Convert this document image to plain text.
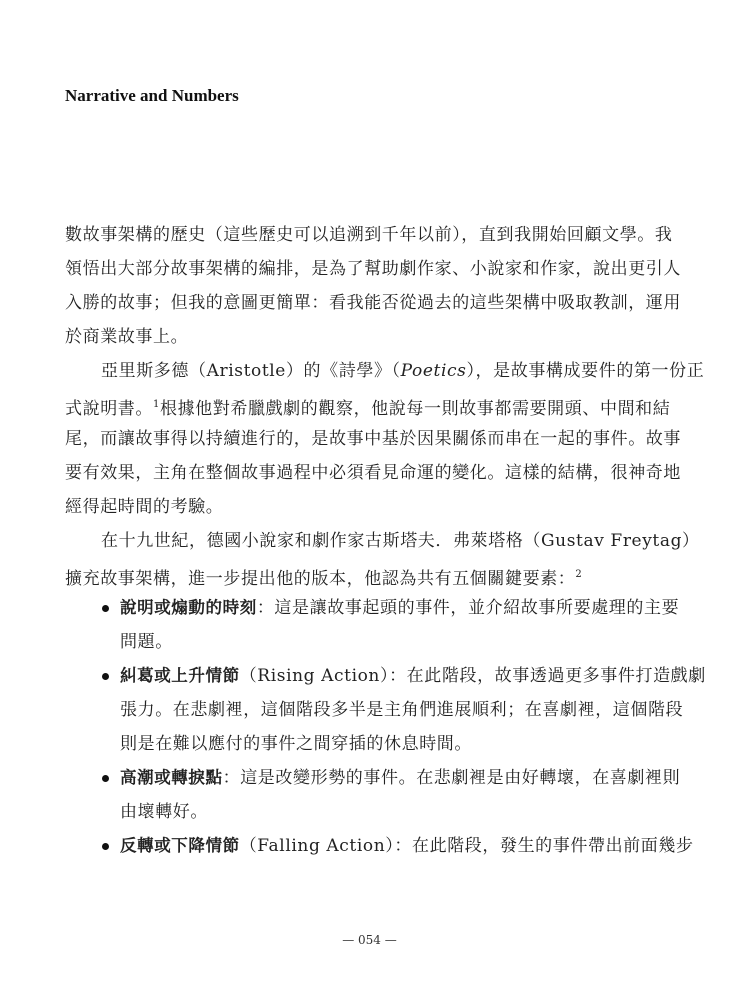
Narrative and Numbers
數故事架構的歷史（這些歷史可以追溯到千年以前），直到我開始回顧文學。我
領悟出大部分故事架構的編排，是為了幫助劇作家、小說家和作家，說出更引人
入勝的故事；但我的意圖更簡單：看我能否從過去的這些架構中吸取教訓，運用
於商業故事上。
亞里斯多德（Aristotle）的《詩學》（Poetics），是故事構成要件的第一份正
式說明書。$^1$根據他對希臘戲劇的觀察，他說每一則故事都需要開頭、中間和結
尾，而讓故事得以持續進行的，是故事中基於因果關係而串在一起的事件。故事
要有效果，主角在整個故事過程中必須看見命運的變化。這樣的結構，很神奇地
經得起時間的考驗。
在十九世紀，德國小說家和劇作家古斯塔夫．弗萊塔格（Gustav Freytag）
擴充故事架構，進一步提出他的版本，他認為共有五個關鍵要素：$^2$
說明或煽動的時刻：這是讓故事起頭的事件，並介紹故事所要處理的主要
問題。
糾葛或上升情節（Rising Action）：在此階段，故事透過更多事件打造戲劇
張力。在悲劇裡，這個階段多半是主角們進展順利；在喜劇裡，這個階段
則是在難以應付的事件之間穿插的休息時間。
高潮或轉捩點：這是改變形勢的事件。在悲劇裡是由好轉壞，在喜劇裡則
由壞轉好。
反轉或下降情節（Falling Action）：在此階段，發生的事件帶出前面幾步
— 054 —
